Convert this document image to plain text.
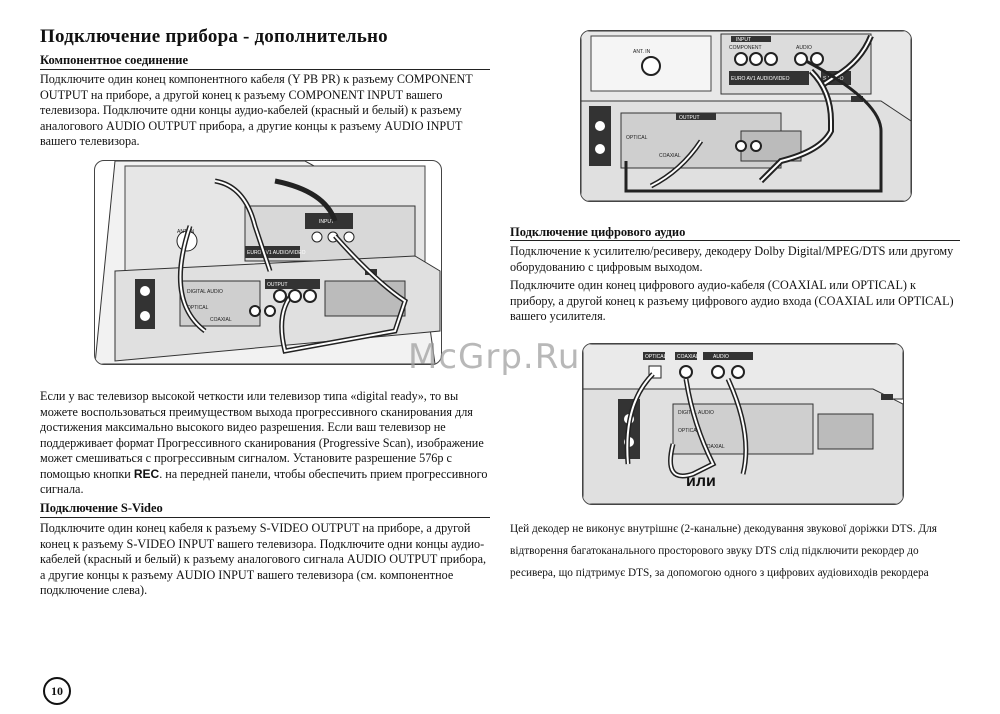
Подключение прибора - дополнительно
Компонентное соединение

Подключите один конец компонентного кабеля (Y PB PR) к разъему COMPONENT OUTPUT на приборе, а другой конец к разъему COMPONENT INPUT вашего телевизора. Подключите одни концы аудио-кабелей (красный и белый) к разъему аналогового AUDIO OUTPUT прибора, а другие концы к разъему AUDIO INPUT вашего телевизора.

EURO AV1 AUDIO/VIDEO
ANT. IN
INPUT
OUTPUT
DIGITAL AUDIO
OPTICAL
COAXIAL

Если у вас телевизор высокой четкости или телевизор типа «digital ready», то вы можете воспользоваться преимуществом выхода прогрессивного сканирования для достижения максимально высокого видео разрешения. Если ваш телевизор не поддерживает формат Прогрессивного сканирования (Progressive Scan), изображение может смешиваться с прогрессивным сигналом. Установите разрешение 576р с помощью кнопки REC. на передней панели, чтобы обеспечить прием прогрессивного сигнала.

Подключение S-Video

Подключите один конец кабеля к разъему S-VIDEO OUTPUT на приборе, а другой конец к разъему S-VIDEO INPUT вашего телевизора. Подключите одни концы аудио-кабелей (красный и белый) к разъему аналогового сигнала AUDIO OUTPUT прибора, а другие концы к разъему AUDIO INPUT вашего телевизора (см. компонентное подключение слева).

INPUT
COMPONENT	AUDIO
EURO AV1 AUDIO/VIDEO	S-VIDEO
ANT. IN
OUTPUT
OPTICAL
COAXIAL
Подключение цифрового аудио

Подключение к усилителю/ресиверу, декодеру Dolby Digital/MPEG/DTS или другому оборудованию с цифровым выходом.

Подключите один конец цифрового аудио-кабеля (COAXIAL или OPTICAL) к прибору, а другой конец к разъему цифрового аудио входа (COAXIAL или OPTICAL) вашего усилителя.

OPTICAL COAXIAL	AUDIO
DIGITAL AUDIO
OPTICAL
COAXIAL
или

Цей декодер не виконує внутрішнє (2-канальне) декодування звукової доріжки DTS. Для відтворення багатоканального просторового звуку DTS слід підключити рекордер до ресивера, що підтримує DTS, за допомогою одного з цифрових аудіовиходів рекордера

McGrp.Ru
10
